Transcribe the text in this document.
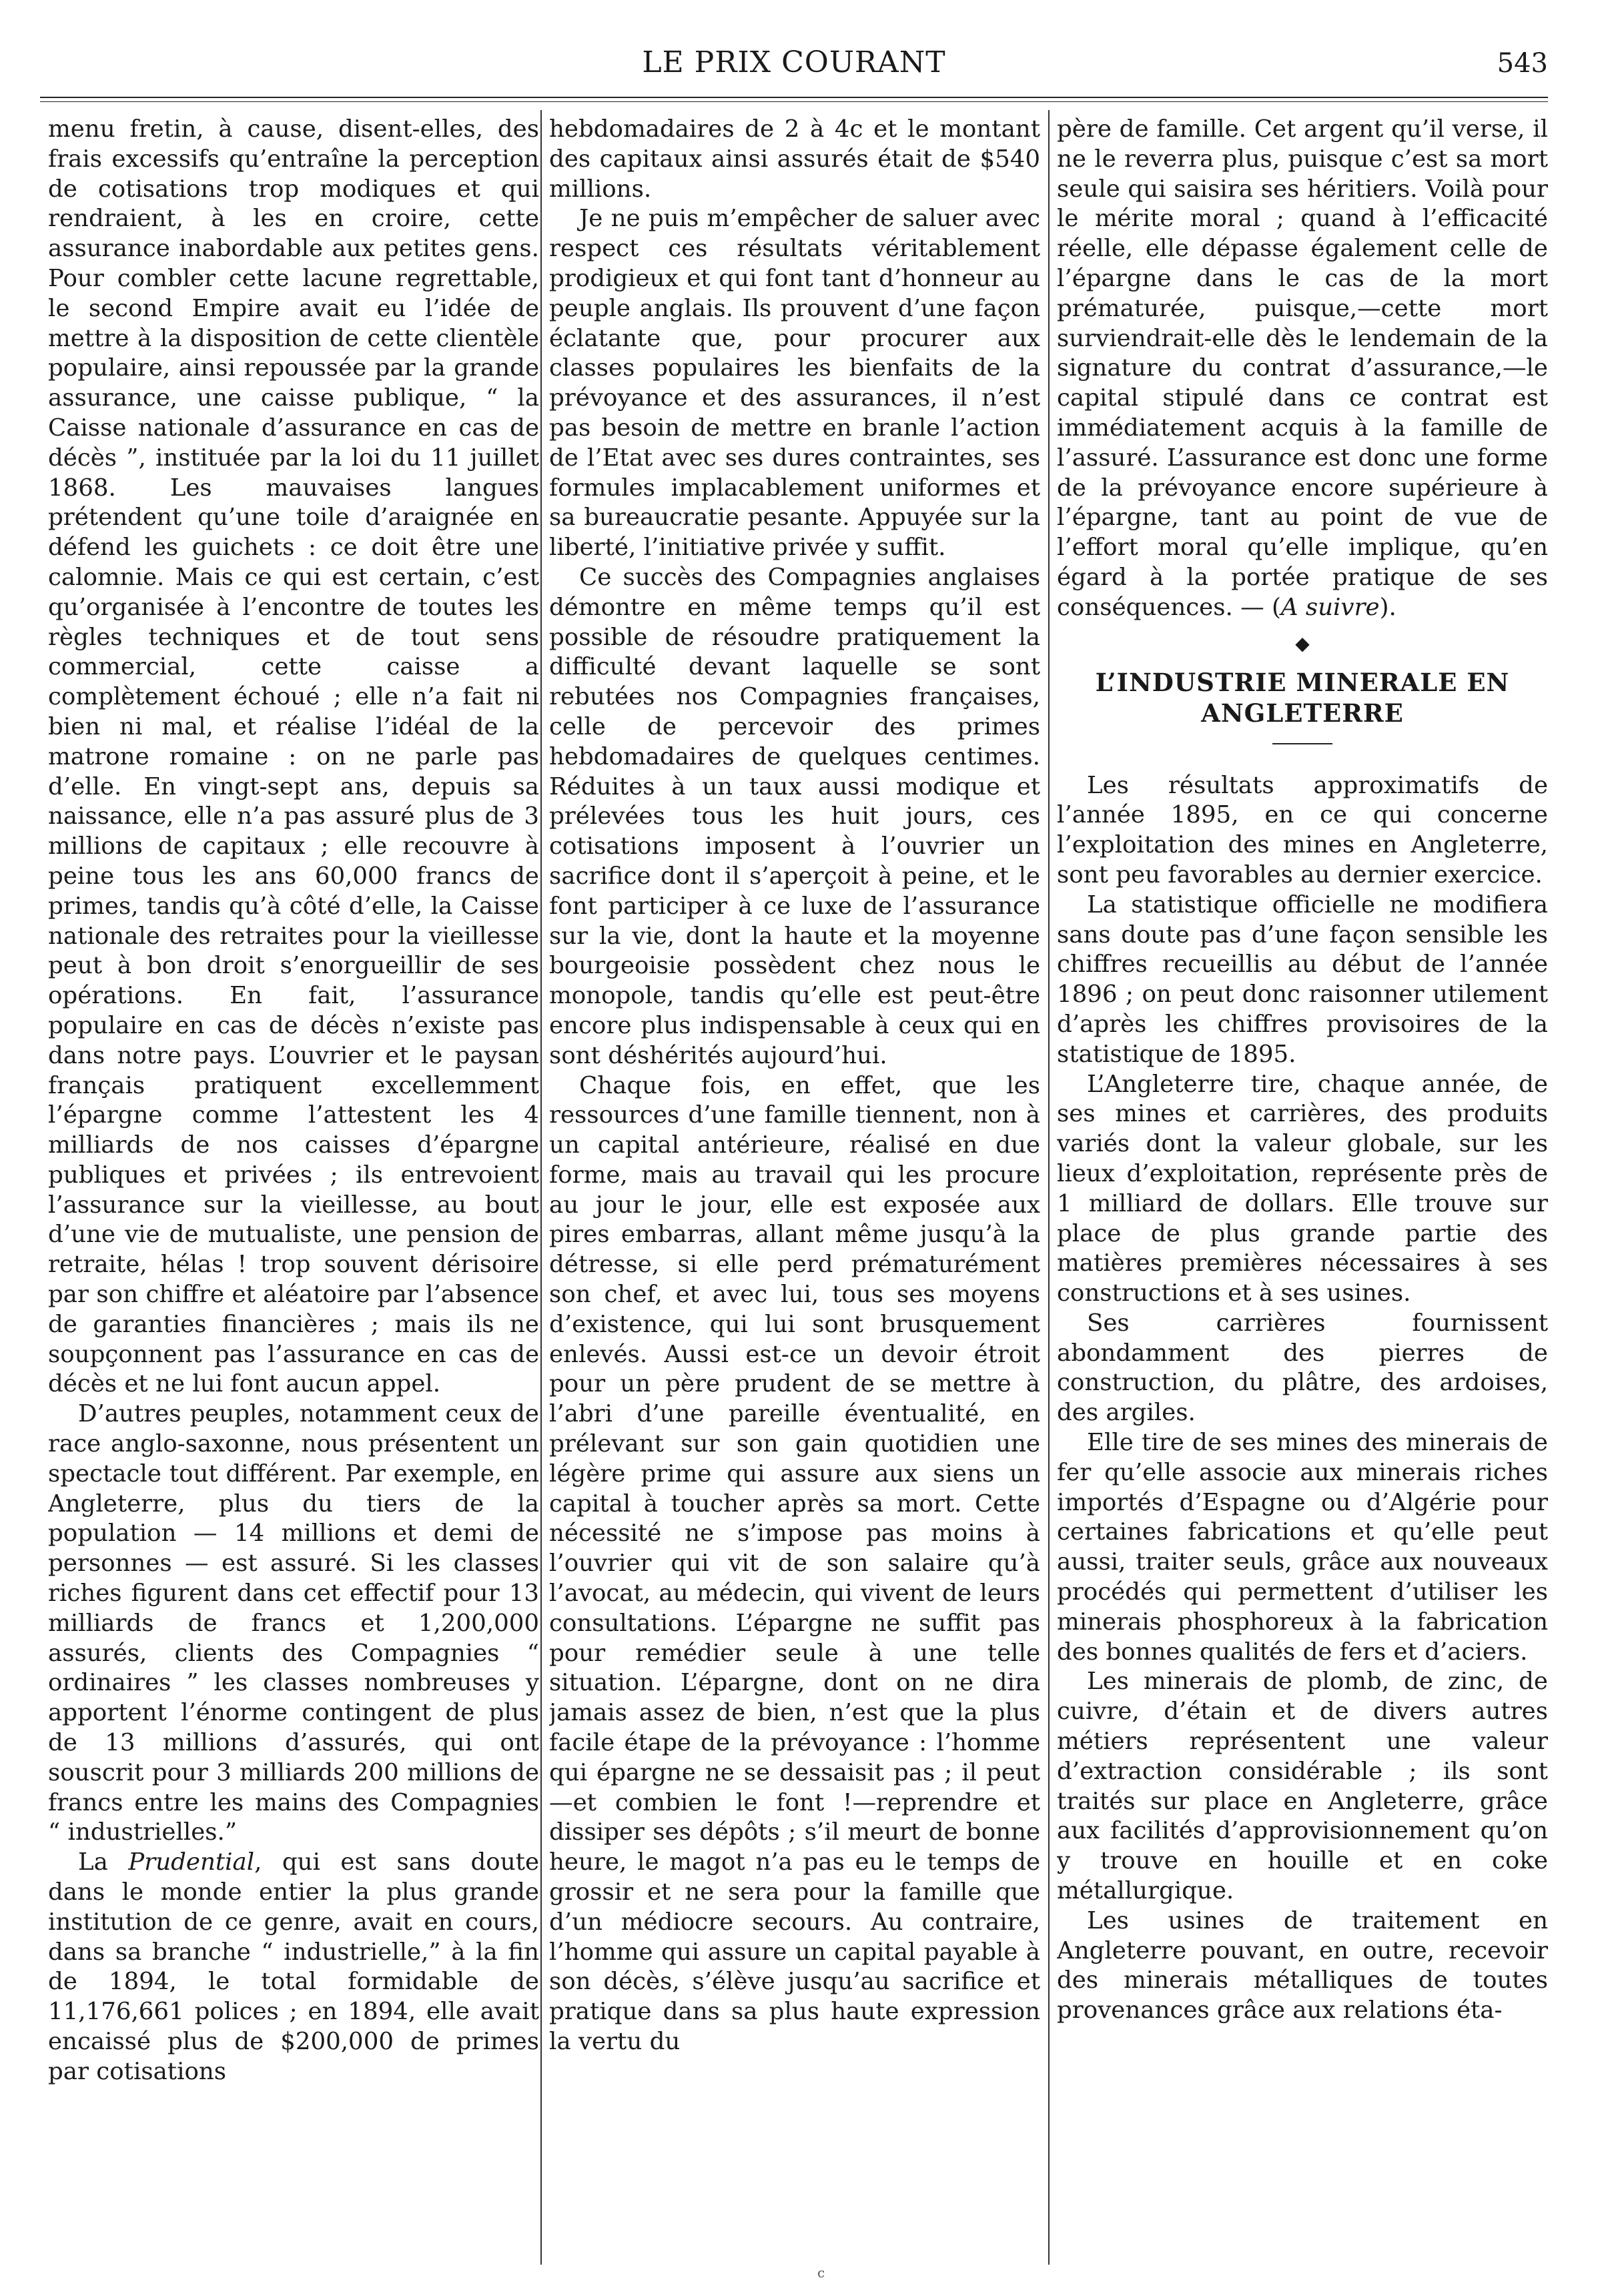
LE PRIX COURANT	543

menu fretin, à cause, disent-elles, des frais excessifs qu’entraîne la perception de cotisations trop modiques et qui rendraient, à les en croire, cette assurance inabordable aux petites gens. Pour combler cette lacune regrettable, le second Empire avait eu l’idée de mettre à la disposition de cette clientèle populaire, ainsi repoussée par la grande assurance, une caisse publique, “ la Caisse nationale d’assurance en cas de décès ”, instituée par la loi du 11 juillet 1868. Les mauvaises langues prétendent qu’une toile d’araignée en défend les guichets : ce doit être une calomnie. Mais ce qui est certain, c’est qu’organisée à l’encontre de toutes les règles techniques et de tout sens commercial, cette caisse a complètement échoué ; elle n’a fait ni bien ni mal, et réalise l’idéal de la matrone romaine : on ne parle pas d’elle. En vingt-sept ans, depuis sa naissance, elle n’a pas assuré plus de 3 millions de capitaux ; elle recouvre à peine tous les ans 60,000 francs de primes, tandis qu’à côté d’elle, la Caisse nationale des retraites pour la vieillesse peut à bon droit s’enorgueillir de ses opérations. En fait, l’assurance populaire en cas de décès n’existe pas dans notre pays. L’ouvrier et le paysan français pratiquent excellemment l’épargne comme l’attestent les 4 milliards de nos caisses d’épargne publiques et privées ; ils entrevoient l’assurance sur la vieillesse, au bout d’une vie de mutualiste, une pension de retraite, hélas ! trop souvent dérisoire par son chiffre et aléatoire par l’absence de garanties financières ; mais ils ne soupçonnent pas l’assurance en cas de décès et ne lui font aucun appel.

D’autres peuples, notamment ceux de race anglo-saxonne, nous présentent un spectacle tout différent. Par exemple, en Angleterre, plus du tiers de la population — 14 millions et demi de personnes — est assuré. Si les classes riches figurent dans cet effectif pour 13 milliards de francs et 1,200,000 assurés, clients des Compagnies “ ordinaires ” les classes nombreuses y apportent l’énorme contingent de plus de 13 millions d’assurés, qui ont souscrit pour 3 milliards 200 millions de francs entre les mains des Compagnies “ industrielles.”

La Prudential, qui est sans doute dans le monde entier la plus grande institution de ce genre, avait en cours, dans sa branche “ industrielle,” à la fin de 1894, le total formidable de 11,176,661 polices ; en 1894, elle avait encaissé plus de $200,000 de primes par cotisations

hebdomadaires de 2 à 4c et le montant des capitaux ainsi assurés était de $540 millions.

Je ne puis m’empêcher de saluer avec respect ces résultats véritablement prodigieux et qui font tant d’honneur au peuple anglais. Ils prouvent d’une façon éclatante que, pour procurer aux classes populaires les bienfaits de la prévoyance et des assurances, il n’est pas besoin de mettre en branle l’action de l’Etat avec ses dures contraintes, ses formules implacablement uniformes et sa bureaucratie pesante. Appuyée sur la liberté, l’initiative privée y suffit.

Ce succès des Compagnies anglaises démontre en même temps qu’il est possible de résoudre pratiquement la difficulté devant laquelle se sont rebutées nos Compagnies françaises, celle de percevoir des primes hebdomadaires de quelques centimes. Réduites à un taux aussi modique et prélevées tous les huit jours, ces cotisations imposent à l’ouvrier un sacrifice dont il s’aperçoit à peine, et le font participer à ce luxe de l’assurance sur la vie, dont la haute et la moyenne bourgeoisie possèdent chez nous le monopole, tandis qu’elle est peut-être encore plus indispensable à ceux qui en sont déshérités aujourd’hui.

Chaque fois, en effet, que les ressources d’une famille tiennent, non à un capital antérieure, réalisé en due forme, mais au travail qui les procure au jour le jour, elle est exposée aux pires embarras, allant même jusqu’à la détresse, si elle perd prématurément son chef, et avec lui, tous ses moyens d’existence, qui lui sont brusquement enlevés. Aussi est-ce un devoir étroit pour un père prudent de se mettre à l’abri d’une pareille éventualité, en prélevant sur son gain quotidien une légère prime qui assure aux siens un capital à toucher après sa mort. Cette nécessité ne s’impose pas moins à l’ouvrier qui vit de son salaire qu’à l’avocat, au médecin, qui vivent de leurs consultations. L’épargne ne suffit pas pour remédier seule à une telle situation. L’épargne, dont on ne dira jamais assez de bien, n’est que la plus facile étape de la prévoyance : l’homme qui épargne ne se dessaisit pas ; il peut—et combien le font !—reprendre et dissiper ses dépôts ; s’il meurt de bonne heure, le magot n’a pas eu le temps de grossir et ne sera pour la famille que d’un médiocre secours. Au contraire, l’homme qui assure un capital payable à son décès, s’élève jusqu’au sacrifice et pratique dans sa plus haute expression la vertu du

père de famille. Cet argent qu’il verse, il ne le reverra plus, puisque c’est sa mort seule qui saisira ses héritiers. Voilà pour le mérite moral ; quand à l’efficacité réelle, elle dépasse également celle de l’épargne dans le cas de la mort prématurée, puisque,—cette mort surviendrait-elle dès le lendemain de la signature du contrat d’assurance,—le capital stipulé dans ce contrat est immédiatement acquis à la famille de l’assuré. L’assurance est donc une forme de la prévoyance encore supérieure à l’épargne, tant au point de vue de l’effort moral qu’elle implique, qu’en égard à la portée pratique de ses conséquences. — (A suivre).

◆
L’INDUSTRIE MINERALE EN ANGLETERRE

Les résultats approximatifs de l’année 1895, en ce qui concerne l’exploitation des mines en Angleterre, sont peu favorables au dernier exercice.

La statistique officielle ne modifiera sans doute pas d’une façon sensible les chiffres recueillis au début de l’année 1896 ; on peut donc raisonner utilement d’après les chiffres provisoires de la statistique de 1895.

L’Angleterre tire, chaque année, de ses mines et carrières, des produits variés dont la valeur globale, sur les lieux d’exploitation, représente près de 1 milliard de dollars. Elle trouve sur place de plus grande partie des matières premières nécessaires à ses constructions et à ses usines.

Ses carrières fournissent abondamment des pierres de construction, du plâtre, des ardoises, des argiles.

Elle tire de ses mines des minerais de fer qu’elle associe aux minerais riches importés d’Espagne ou d’Algérie pour certaines fabrications et qu’elle peut aussi, traiter seuls, grâce aux nouveaux procédés qui permettent d’utiliser les minerais phosphoreux à la fabrication des bonnes qualités de fers et d’aciers.

Les minerais de plomb, de zinc, de cuivre, d’étain et de divers autres métiers représentent une valeur d’extraction considérable ; ils sont traités sur place en Angleterre, grâce aux facilités d’approvisionnement qu’on y trouve en houille et en coke métallurgique.

Les usines de traitement en Angleterre pouvant, en outre, recevoir des minerais métalliques de toutes provenances grâce aux relations éta-

c
